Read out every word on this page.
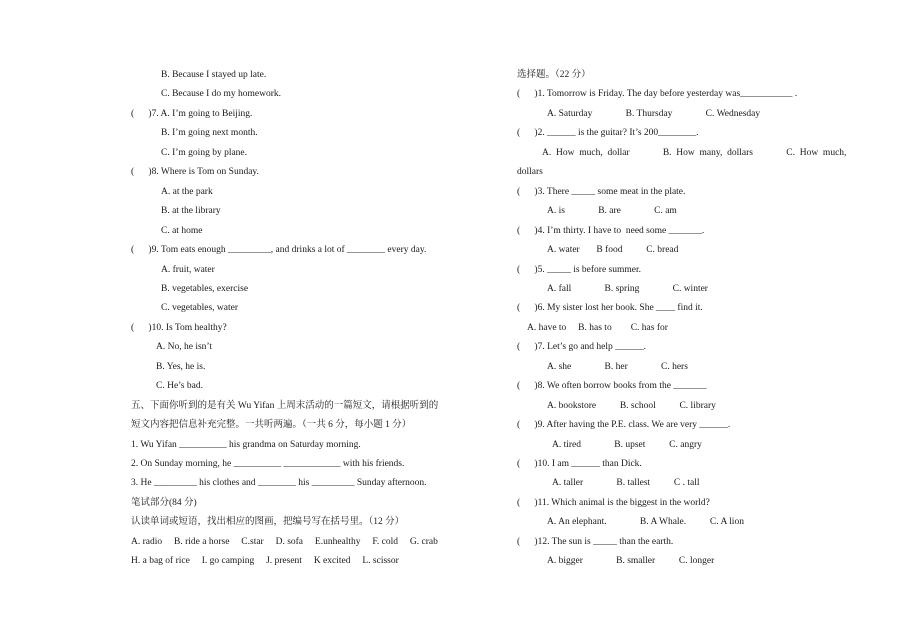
B. Because I stayed up late.
C. Because I do my homework.
(      )7. A. I’m going to Beijing.
B. I’m going next month.
C. I’m going by plane.
(      )8. Where is Tom on Sunday.
A. at the park
B. at the library
C. at home
(      )9. Tom eats enough _________, and drinks a lot of ________ every day.
A. fruit, water
B. vegetables, exercise
C. vegetables, water
(      )10. Is Tom healthy?
A. No, he isn’t
B. Yes, he is.
C. He’s bad.
五、下面你听到的是有关 Wu Yifan 上周末活动的一篇短文，请根据听到的
短文内容把信息补充完整。一共听两遍。（一共 6 分，每小题 1 分）
1. Wu Yifan __________ his grandma on Saturday morning.
2. On Sunday morning, he __________ ____________ with his friends.
3. He _________ his clothes and ________ his _________ Sunday afternoon.
笔试部分(84 分)
认读单词或短语，找出相应的图画，把编号写在括号里。（12 分）
A. radio     B. ride a horse     C.star     D. sofa     E.unhealthy     F. cold     G. crab
H. a bag of rice     I. go camping     J. present     K excited     L. scissor
选择题。（22 分）
(      )1. Tomorrow is Friday. The day before yesterday was___________ .
A. Saturday              B. Thursday              C. Wednesday
(      )2. ______ is the guitar? It’s 200________.
A.  How  much,  dollar              B.  How  many,  dollars              C.  How  much,
dollars
(      )3. There _____ some meat in the plate.
A. is              B. are              C. am
(      )4. I’m thirty. I have to  need some _______.
A. water       B food          C. bread
(      )5. _____ is before summer.
A. fall              B. spring              C. winter
(      )6. My sister lost her book. She ____ find it.
A. have to     B. has to        C. has for
(      )7. Let’s go and help ______.
A. she              B. her              C. hers
(      )8. We often borrow books from the _______
A. bookstore          B. school          C. library
(      )9. After having the P.E. class. We are very ______.
A. tired              B. upset          C. angry
(      )10. I am ______ than Dick.
A. taller              B. tallest          C . tall
(      )11. Which animal is the biggest in the world?
A. An elephant.              B. A Whale.          C. A lion
(      )12. The sun is _____ than the earth.
A. bigger              B. smaller          C. longer
